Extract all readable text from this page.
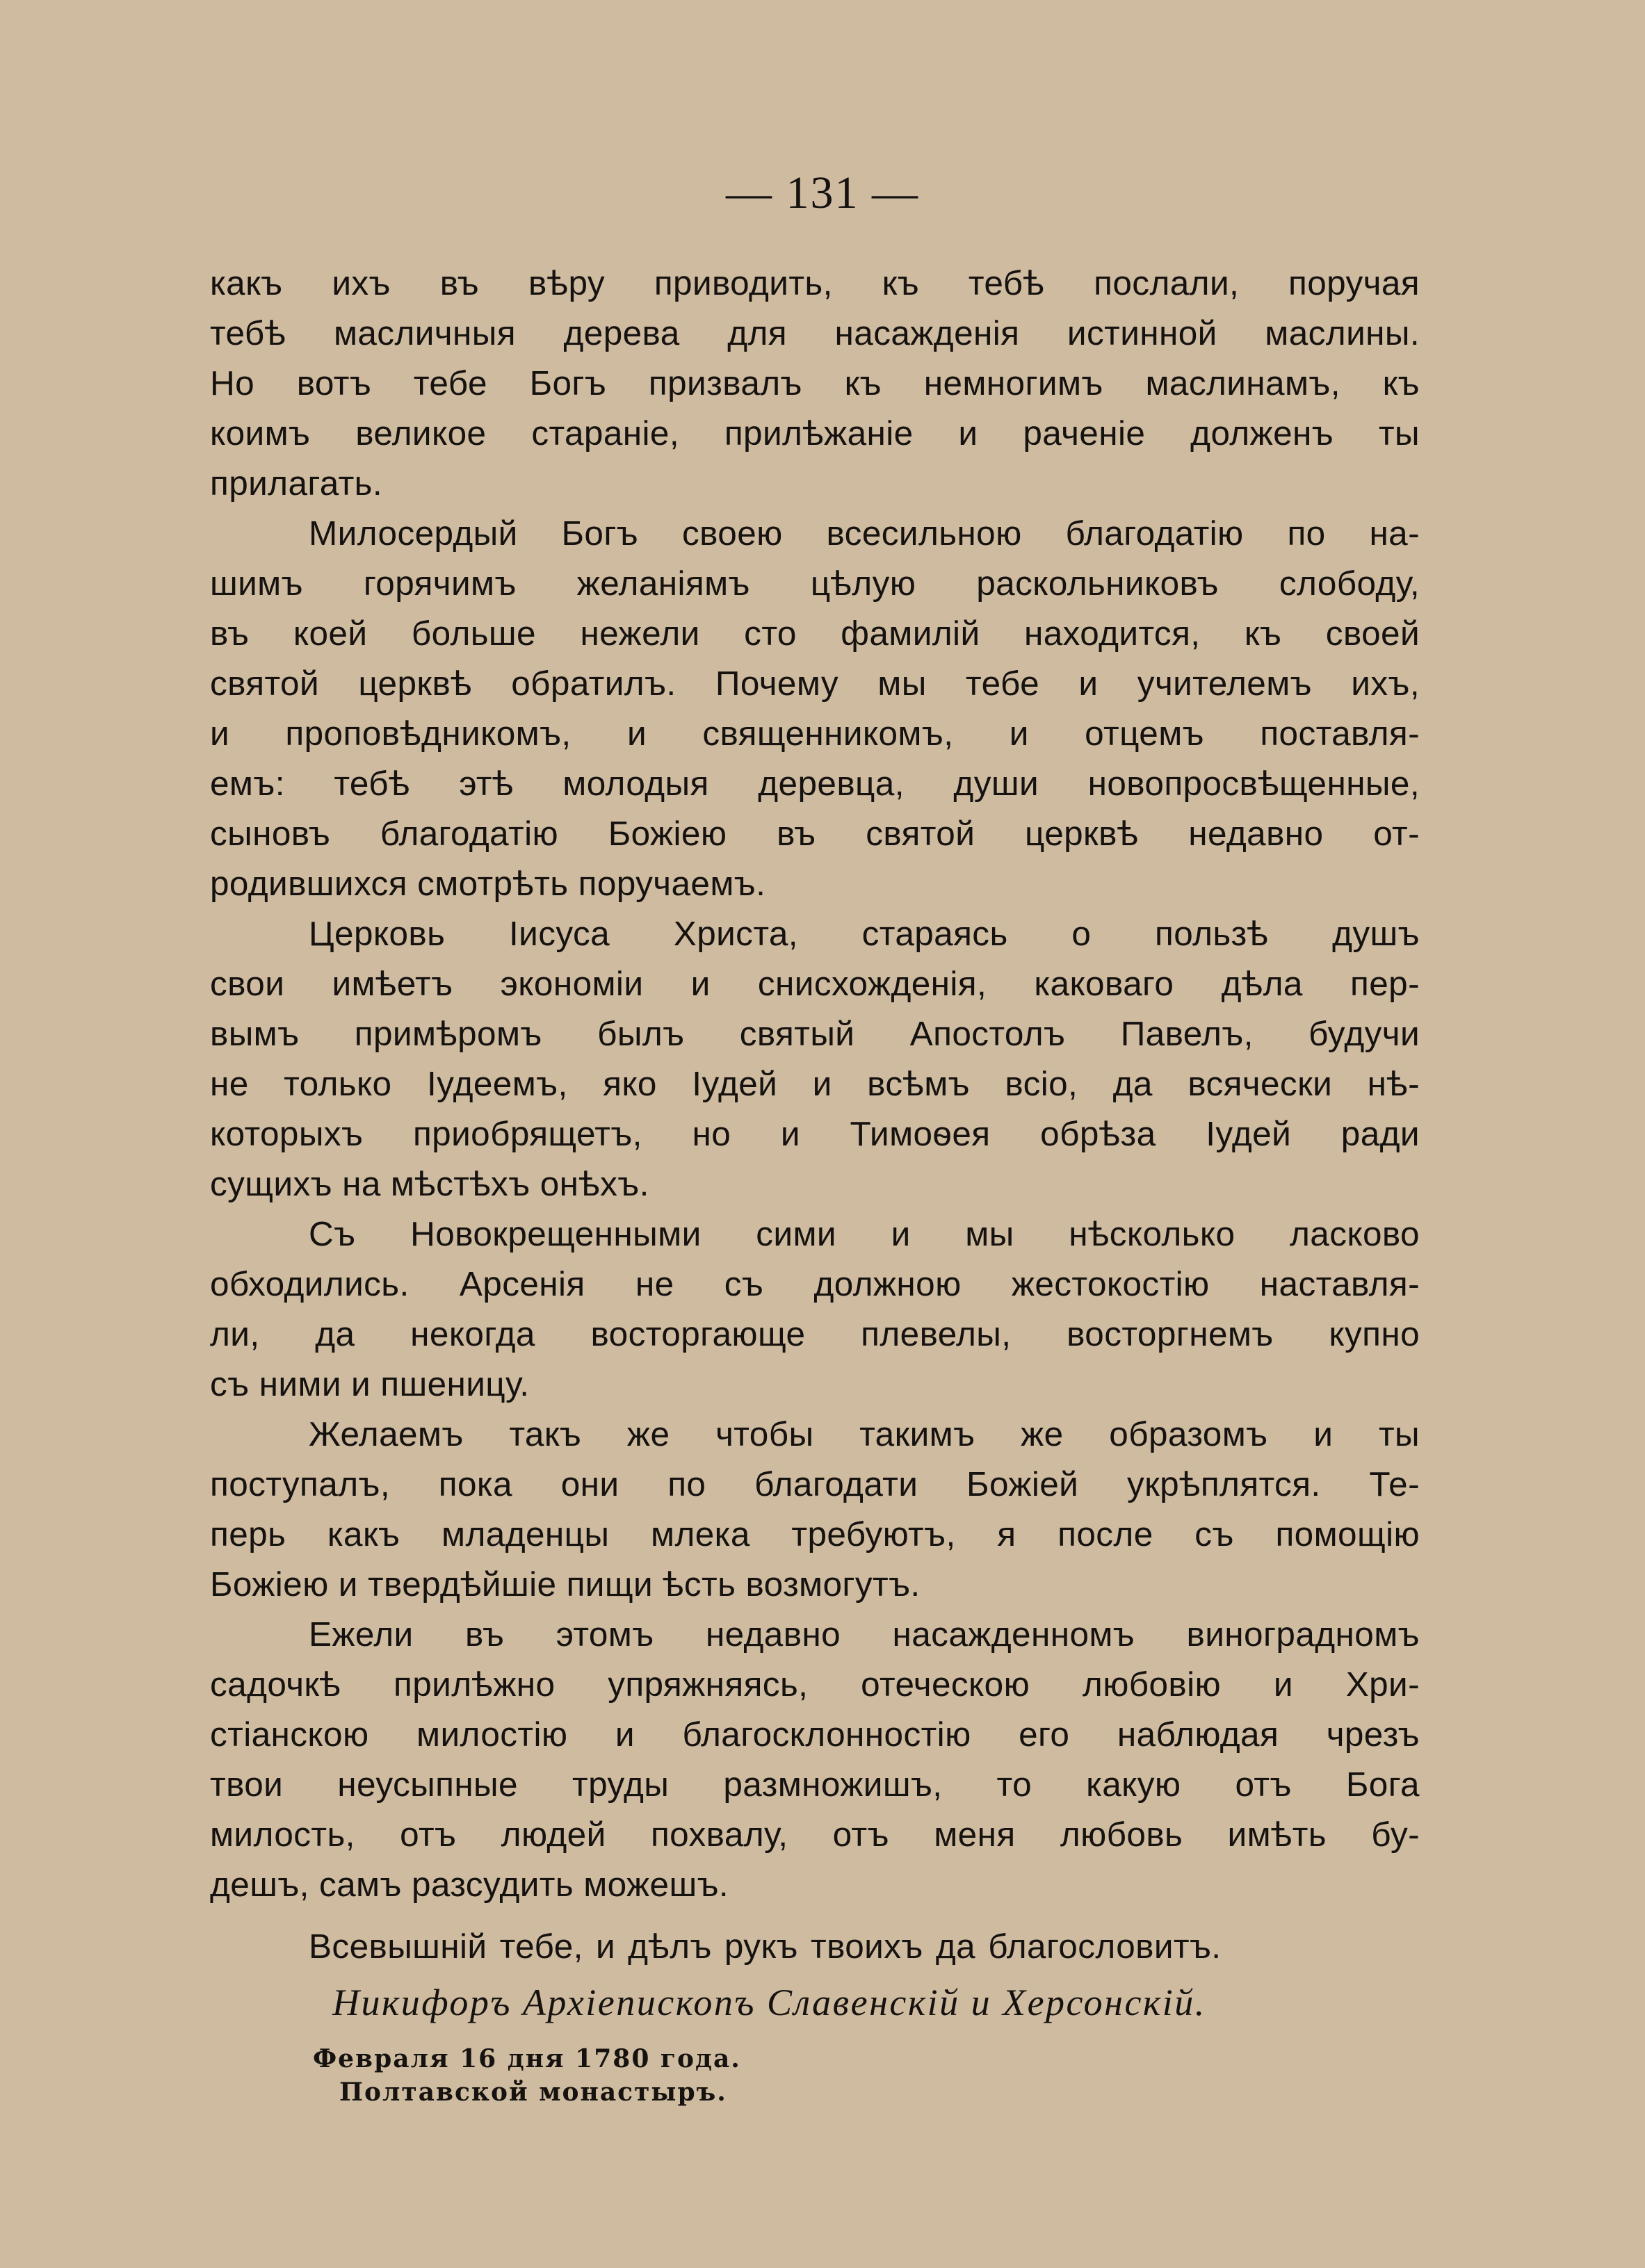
— 131 —

какъ ихъ въ вѣру приводить, къ тебѣ послали, поручая
тебѣ масличныя дерева для насажденія истинной маслины.
Но вотъ тебе Богъ призвалъ къ немногимъ маслинамъ, къ
коимъ великое стараніе, прилѣжаніе и раченіе долженъ ты
прилагать.

Милосердый Богъ своею всесильною благодатію по на-
шимъ горячимъ желаніямъ цѣлую раскольниковъ слободу,
въ коей больше нежели сто фамилій находится, къ своей
святой церквѣ обратилъ. Почему мы тебе и учителемъ ихъ,
и проповѣдникомъ, и священникомъ, и отцемъ поставля-
емъ: тебѣ этѣ молодыя деревца, души новопросвѣщенные,
сыновъ благодатію Божіею въ святой церквѣ недавно от-
родившихся смотрѣть поручаемъ.

Церковь Іисуса Христа, стараясь о пользѣ душъ
свои имѣетъ экономіи и снисхожденія, каковаго дѣла пер-
вымъ примѣромъ былъ святый Апостолъ Павелъ, будучи
не только Іудеемъ, яко Іудей и всѣмъ всіо, да всячески нѣ-
которыхъ приобрящетъ, но и Тимоѳея обрѣза Іудей ради
сущихъ на мѣстѣхъ онѣхъ.

Съ Новокрещенными сими и мы нѣсколько ласково
обходились. Арсенія не съ должною жестокостію наставля-
ли, да некогда восторгающе плевелы, восторгнемъ купно
съ ними и пшеницу.

Желаемъ такъ же чтобы такимъ же образомъ и ты
поступалъ, пока они по благодати Божіей укрѣплятся. Те-
перь какъ младенцы млека требуютъ, я после съ помощію
Божіею и твердѣйшіе пищи ѣсть возмогутъ.

Ежели въ этомъ недавно насажденномъ виноградномъ
садочкѣ прилѣжно упряжняясь, отеческою любовію и Хри-
стіанскою милостію и благосклонностію его наблюдая чрезъ
твои неусыпные труды размножишъ, то какую отъ Бога
милость, отъ людей похвалу, отъ меня любовь имѣть бу-
дешъ, самъ разсудить можешъ.

Всевышній тебе, и дѣлъ рукъ твоихъ да благословитъ.
Никифоръ Архіепископъ Славенскій и Херсонскій.
Февраля 16 дня 1780 года.
Полтавской монастыръ.
